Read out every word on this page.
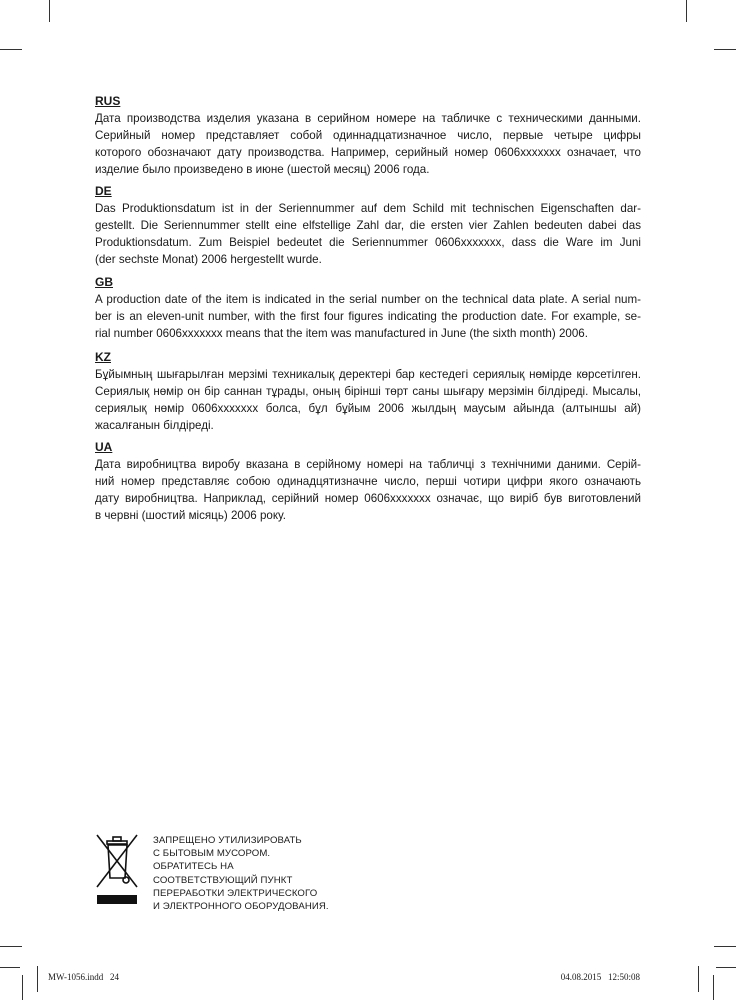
RUS
Дата производства изделия указана в серийном номере на табличке с техническими данными.
Серийный номер представляет собой одиннадцатизначное число, первые четыре цифры
которого обозначают дату производства. Например, серийный номер 0606xxxxxxx означает, что
изделие было произведено в июне (шестой месяц) 2006 года.
DE
Das Produktionsdatum ist in der Seriennummer auf dem Schild mit technischen Eigenschaften dar-
gestellt. Die Seriennummer stellt eine elfstellige Zahl dar, die ersten vier Zahlen bedeuten dabei das
Produktionsdatum. Zum Beispiel bedeutet die Seriennummer 0606xxxxxxx, dass die Ware im Juni
(der sechste Monat) 2006 hergestellt wurde.
GB
A production date of the item is indicated in the serial number on the technical data plate. A serial num-
ber is an eleven-unit number, with the first four figures indicating the production date. For example, se-
rial number 0606xxxxxxx means that the item was manufactured in June (the sixth month) 2006.
KZ
Бұйымның шығарылған мерзімі техникалық деректері бар кестедегі сериялық нөмірде көрсетілген.
Сериялық нөмір он бір саннан тұрады, оның бірінші төрт саны шығару мерзімін білдіреді. Мысалы,
сериялық нөмір 0606xxxxxxx болса, бұл бұйым 2006 жылдың маусым айында (алтыншы ай)
жасалғанын білдіреді.
UA
Дата виробництва виробу вказана в серійному номері на табличці з технічними даними. Серій-
ний номер представляє собою одинадцятизначне число, перші чотири цифри якого означають
дату виробництва. Наприклад, серійний номер 0606xxxxxxx означає, що виріб був виготовлений
в червні (шостий місяць) 2006 року.
ЗАПРЕЩЕНО УТИЛИЗИРОВАТЬ
С БЫТОВЫМ МУСОРОМ.
ОБРАТИТЕСЬ НА
СООТВЕТСТВУЮЩИЙ ПУНКТ
ПЕРЕРАБОТКИ ЭЛЕКТРИЧЕСКОГО
И ЭЛЕКТРОННОГО ОБОРУДОВАНИЯ.
MW-1056.indd   24	04.08.2015   12:50:08
